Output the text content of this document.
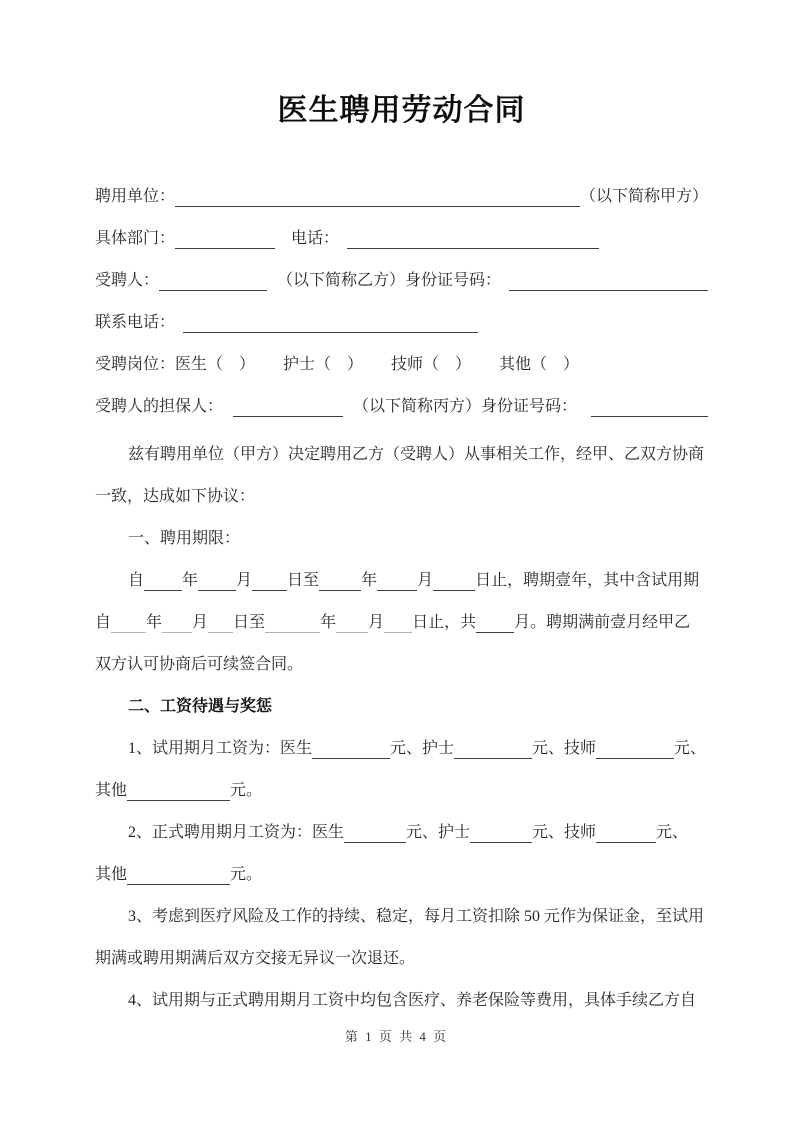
医生聘用劳动合同
聘用单位：	（以下简称甲方）
具体部门：	电话：
受聘人：	（以下简称乙方）身份证号码：
联系电话：
受聘岗位：医生（　）　　 护士（　）　　 技师（　）　　 其他（　）
受聘人的担保人：	（以下简称丙方）身份证号码：
兹有聘用单位（甲方）决定聘用乙方（受聘人）从事相关工作，经甲、乙双方协商
一致，达成如下协议：
一、聘用期限：
自 年 月 日至	年	月	日止，聘期壹年，其中含试用期
自 年 月 日至	年 月 日止，共 月。聘期满前壹月经甲乙
双方认可协商后可续签合同。
二、工资待遇与奖惩
1、试用期月工资为：医生	元、护士	元、技师	元、
其他	元。
2、正式聘用期月工资为：医生	元、护士	元、技师	元、
其他	元。
3、考虑到医疗风险及工作的持续、稳定，每月工资扣除 50 元作为保证金，至试用
期满或聘用期满后双方交接无异议一次退还。
4、试用期与正式聘用期月工资中均包含医疗、养老保险等费用，具体手续乙方自
第 1 页 共 4 页
